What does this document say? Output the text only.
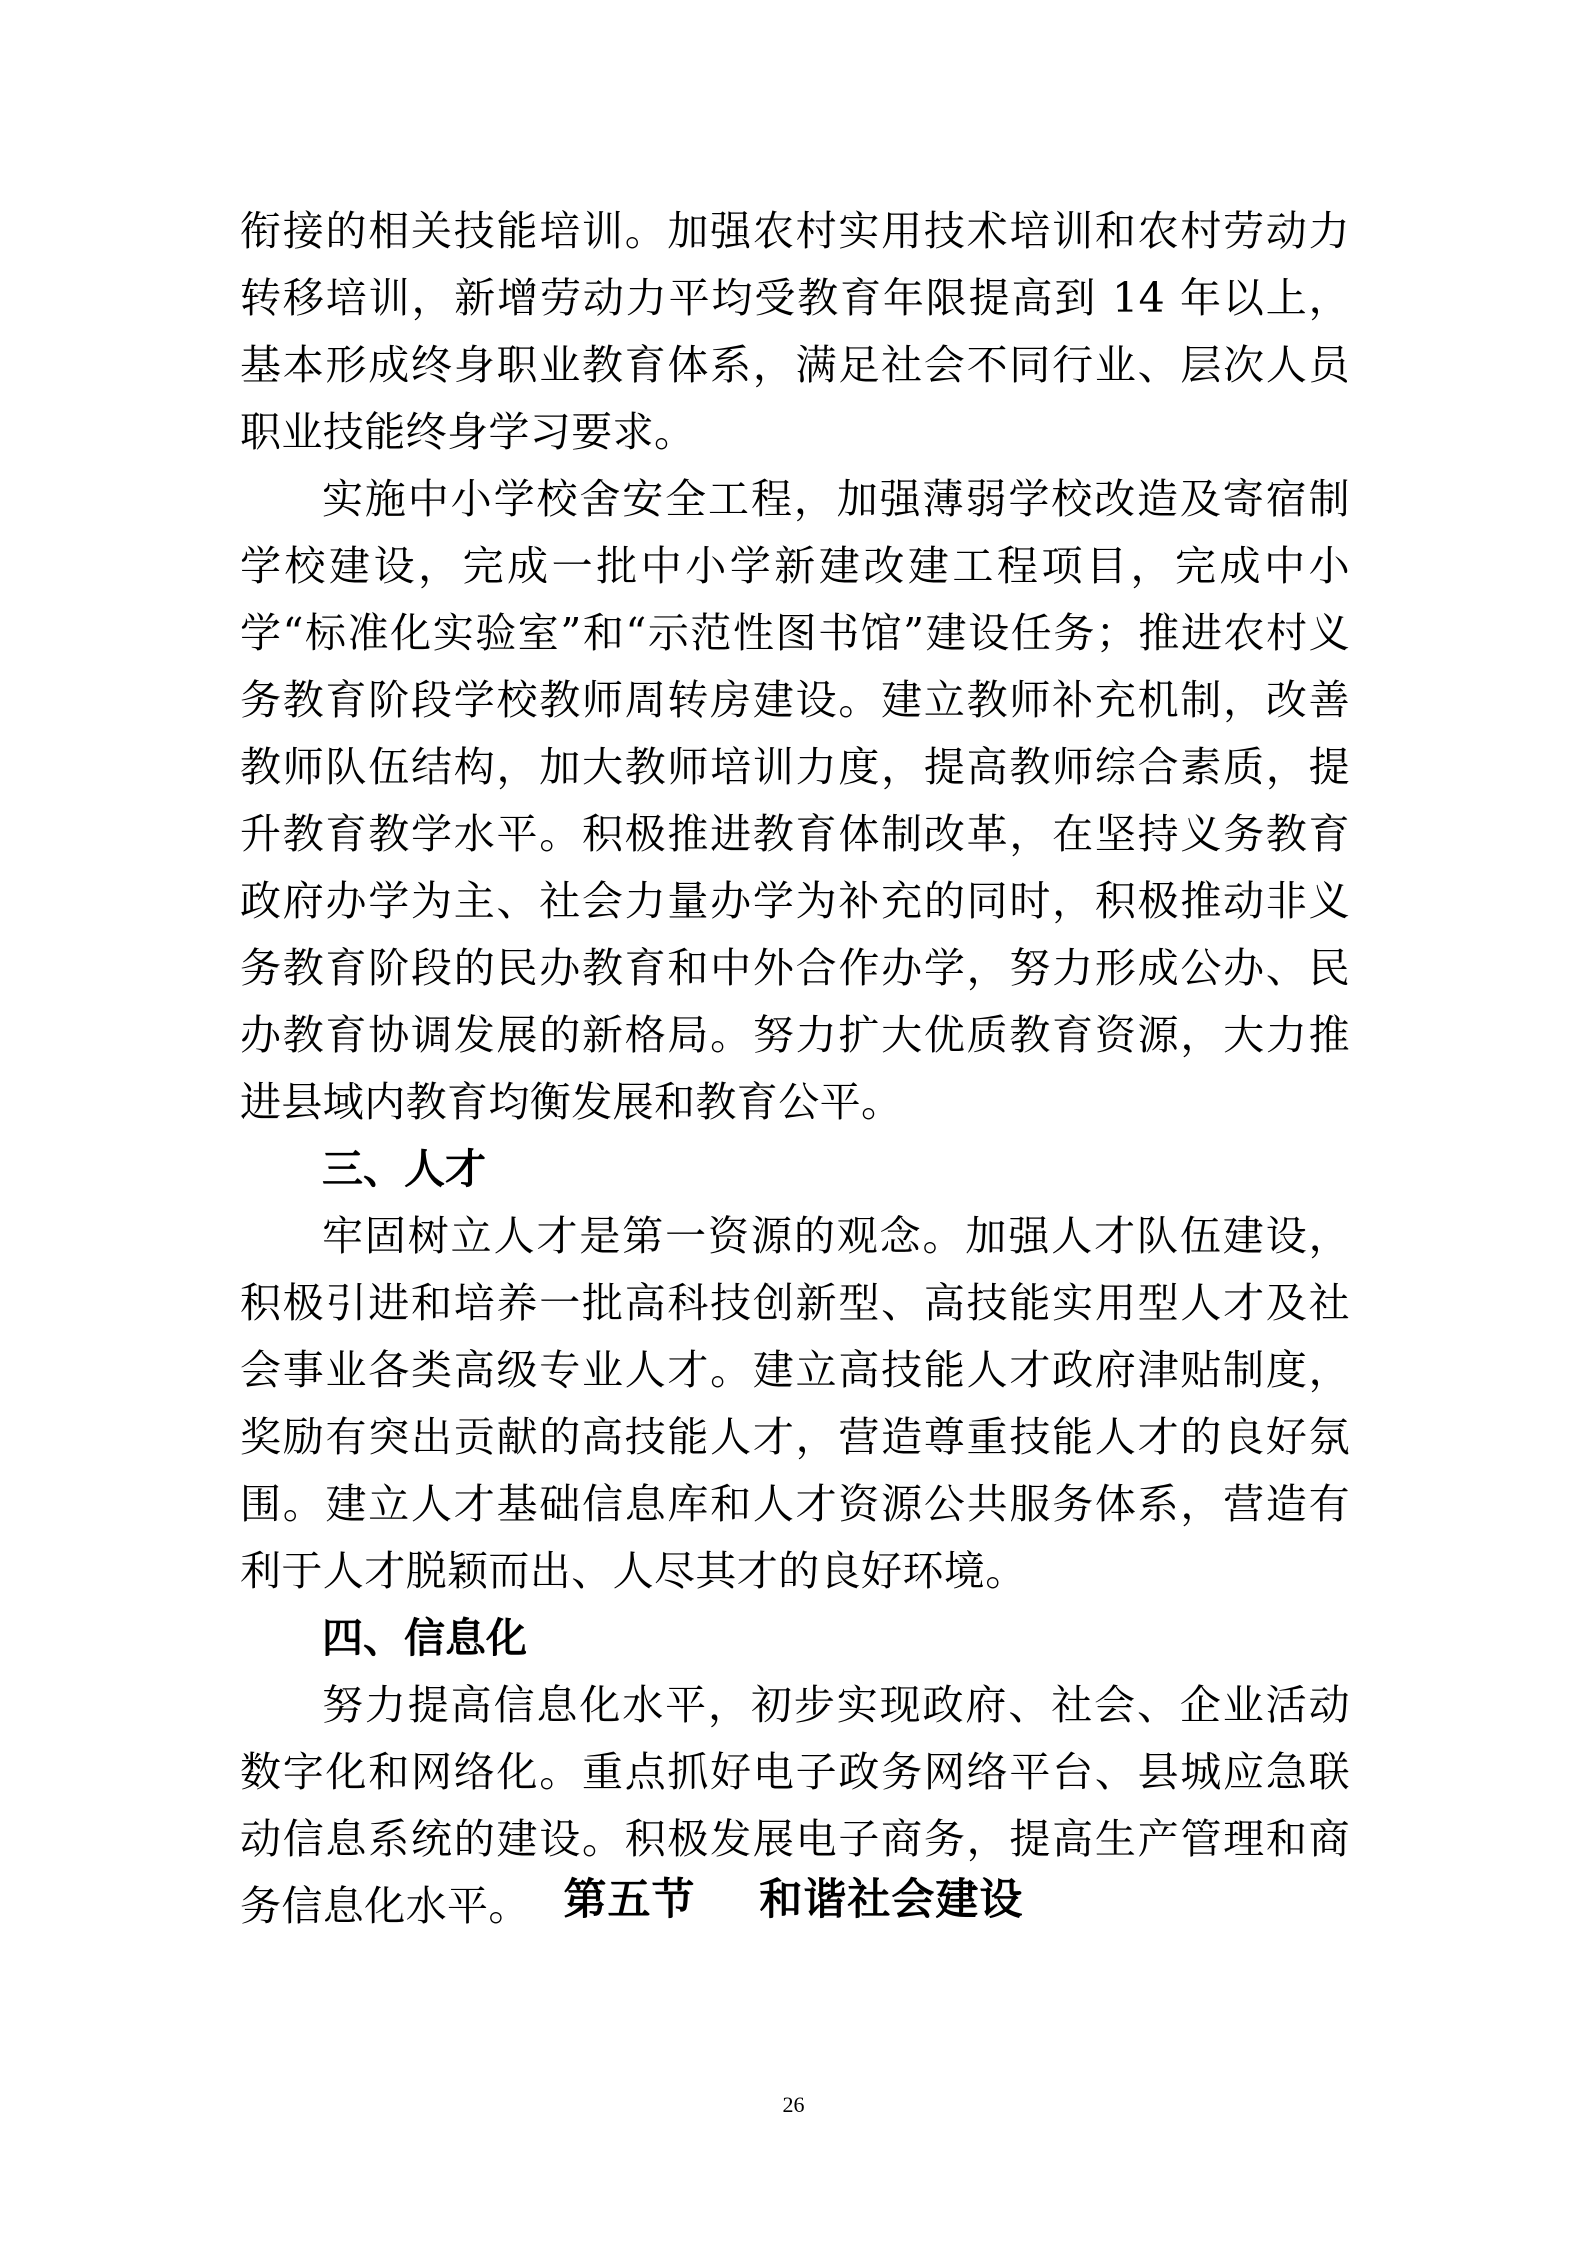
衔接的相关技能培训。加强农村实用技术培训和农村劳动力转移培训，新增劳动力平均受教育年限提高到 14 年以上，基本形成终身职业教育体系，满足社会不同行业、层次人员职业技能终身学习要求。

实施中小学校舍安全工程，加强薄弱学校改造及寄宿制学校建设，完成一批中小学新建改建工程项目，完成中小学“标准化实验室”和“示范性图书馆”建设任务；推进农村义务教育阶段学校教师周转房建设。建立教师补充机制，改善教师队伍结构，加大教师培训力度，提高教师综合素质，提升教育教学水平。积极推进教育体制改革，在坚持义务教育政府办学为主、社会力量办学为补充的同时，积极推动非义务教育阶段的民办教育和中外合作办学，努力形成公办、民办教育协调发展的新格局。努力扩大优质教育资源，大力推进县域内教育均衡发展和教育公平。

三、人才

牢固树立人才是第一资源的观念。加强人才队伍建设，积极引进和培养一批高科技创新型、高技能实用型人才及社会事业各类高级专业人才。建立高技能人才政府津贴制度，奖励有突出贡献的高技能人才，营造尊重技能人才的良好氛围。建立人才基础信息库和人才资源公共服务体系，营造有利于人才脱颖而出、人尽其才的良好环境。

四、信息化

努力提高信息化水平，初步实现政府、社会、企业活动数字化和网络化。重点抓好电子政务网络平台、县城应急联动信息系统的建设。积极发展电子商务，提高生产管理和商务信息化水平。 第五节    和谐社会建设
26
